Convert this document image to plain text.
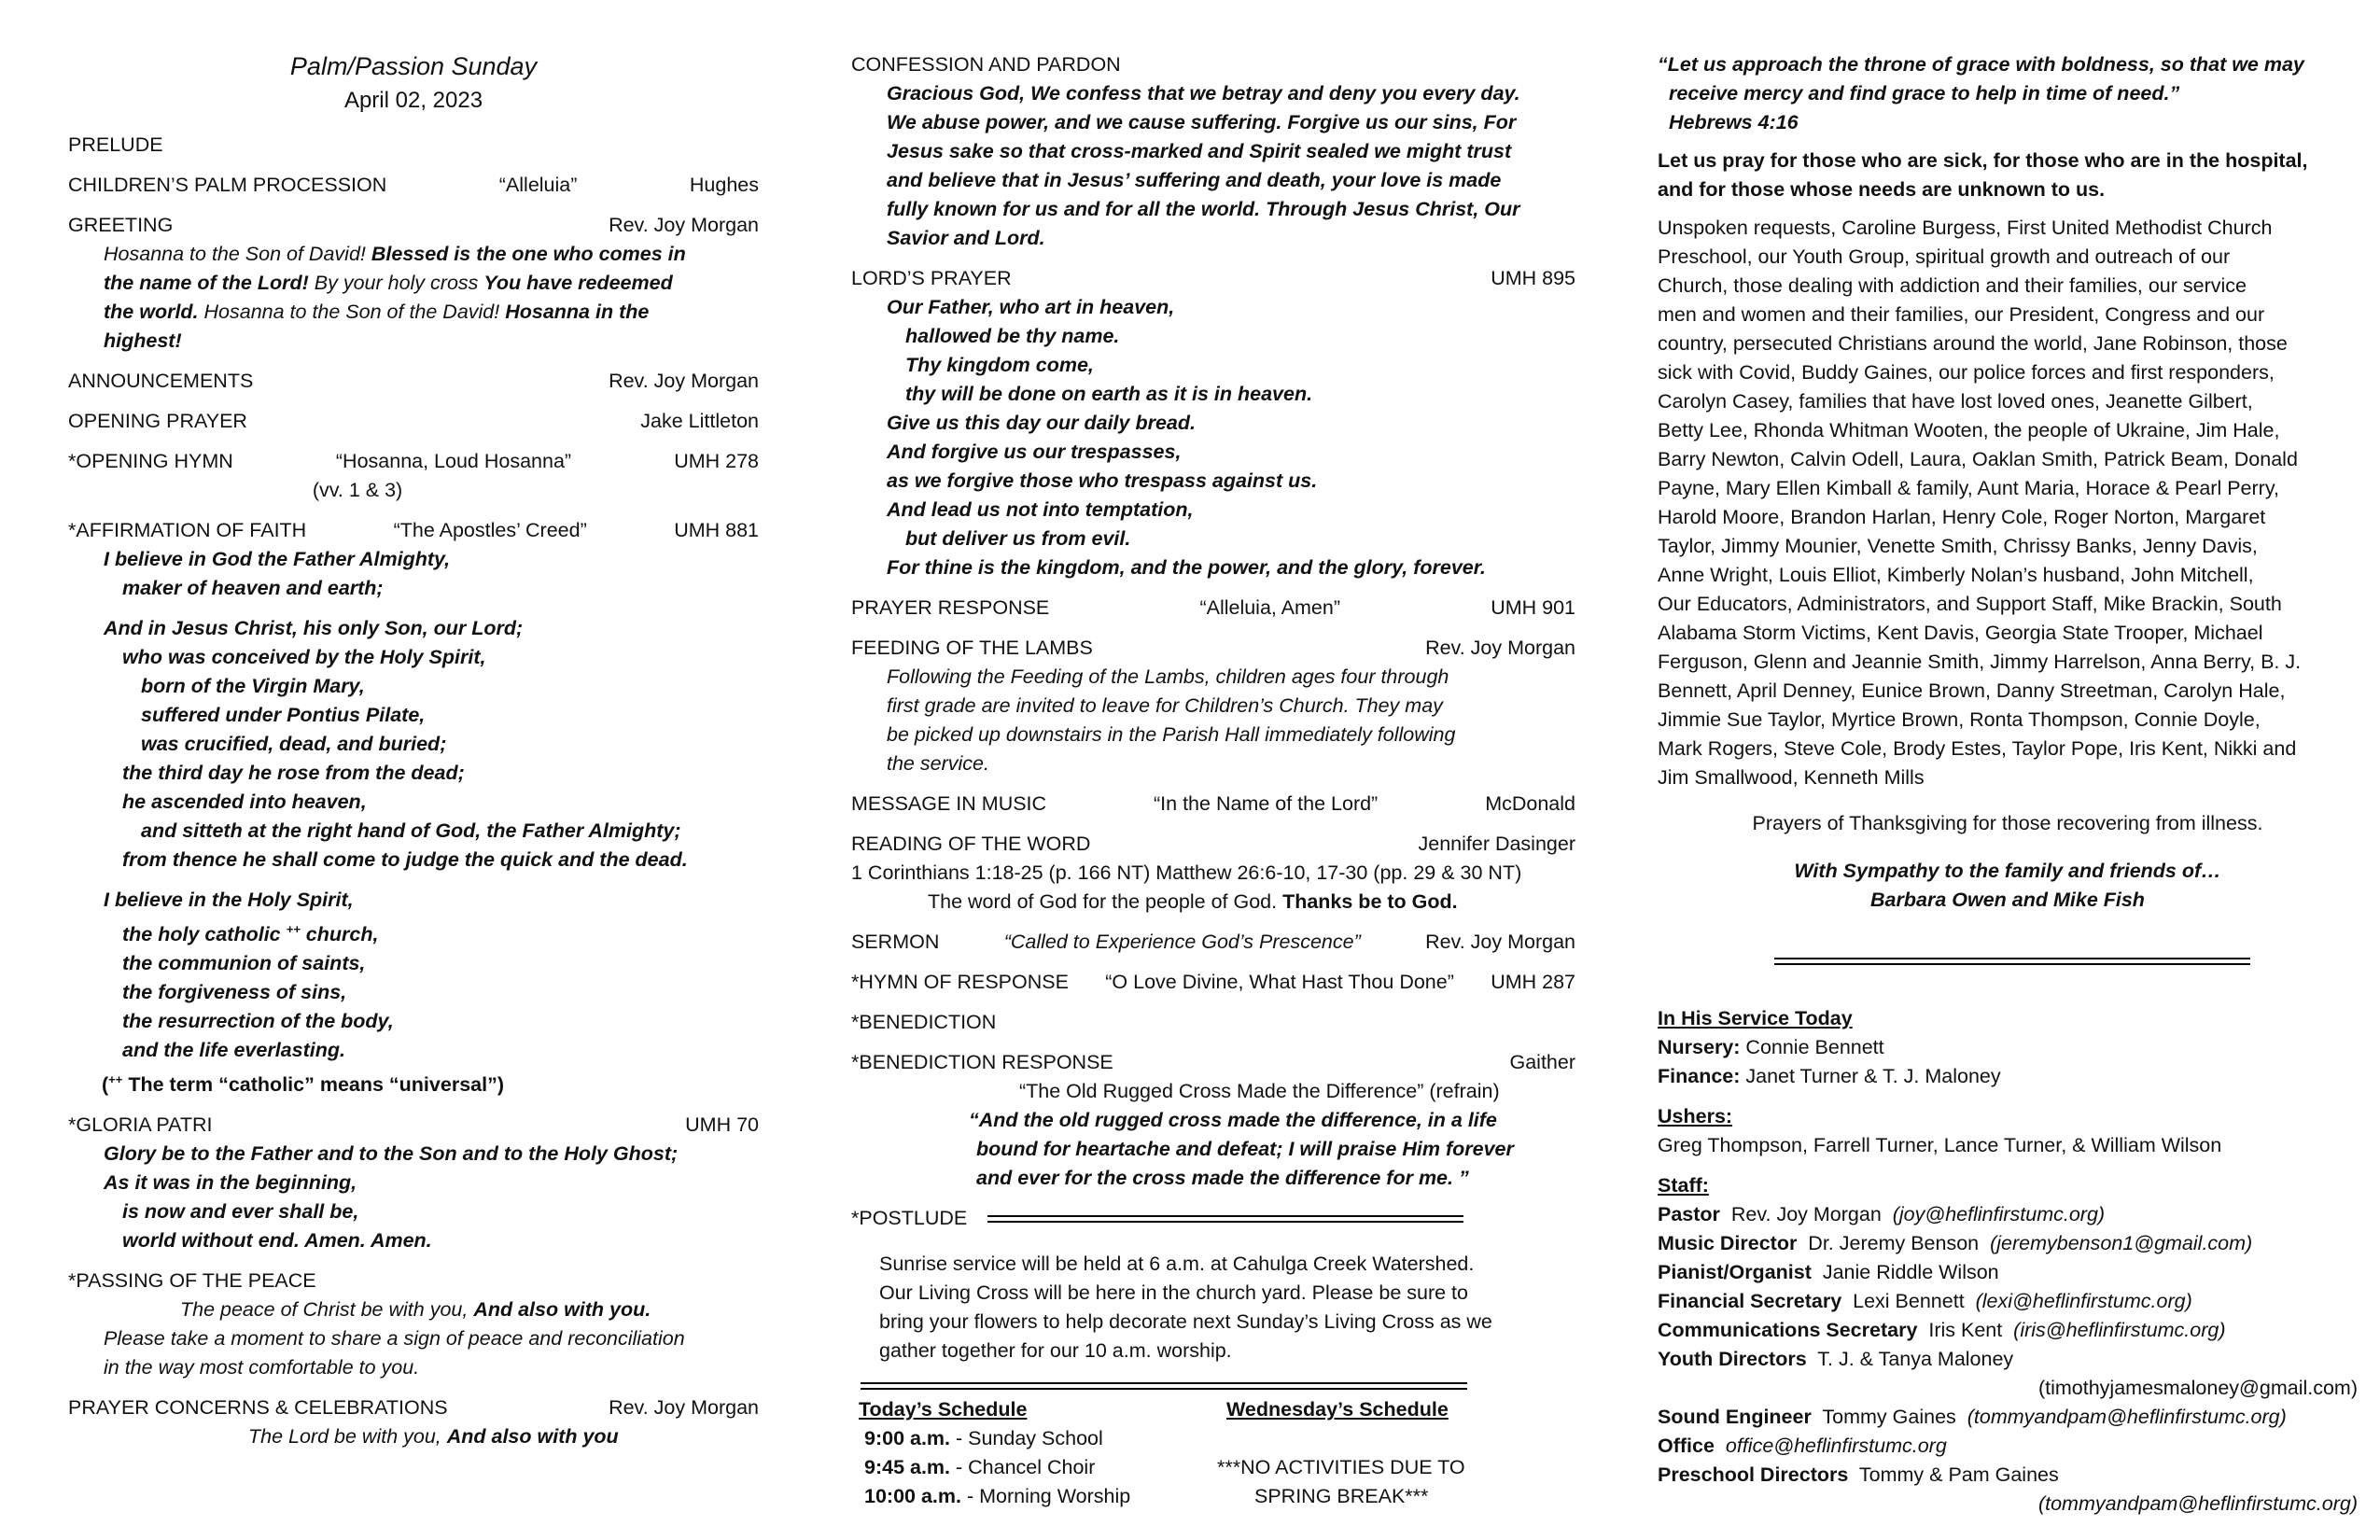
Palm/Passion Sunday
April 02, 2023
PRELUDE
CHILDREN’S PALM PROCESSION	“Alleluia”	Hughes
GREETING	Rev. Joy Morgan
Hosanna to the Son of David! Blessed is the one who comes in
the name of the Lord! By your holy cross You have redeemed
the world. Hosanna to the Son of the David! Hosanna in the
highest!
ANNOUNCEMENTS	Rev. Joy Morgan
OPENING PRAYER	Jake Littleton
*OPENING HYMN	“Hosanna, Loud Hosanna”	UMH 278
(vv. 1 & 3)
*AFFIRMATION OF FAITH	“The Apostles’ Creed”	UMH 881
I believe in God the Father Almighty,
maker of heaven and earth;
And in Jesus Christ, his only Son, our Lord;
who was conceived by the Holy Spirit,
born of the Virgin Mary,
suffered under Pontius Pilate,
was crucified, dead, and buried;
the third day he rose from the dead;
he ascended into heaven,
and sitteth at the right hand of God, the Father Almighty;
from thence he shall come to judge the quick and the dead.
I believe in the Holy Spirit,
the holy catholic ++ church,
the communion of saints,
the forgiveness of sins,
the resurrection of the body,
and the life everlasting.
(++ The term “catholic” means “universal”)
*GLORIA PATRI	UMH 70
Glory be to the Father and to the Son and to the Holy Ghost;
As it was in the beginning,
is now and ever shall be,
world without end. Amen. Amen.
*PASSING OF THE PEACE
The peace of Christ be with you, And also with you.
Please take a moment to share a sign of peace and reconciliation
in the way most comfortable to you.
PRAYER CONCERNS & CELEBRATIONS	Rev. Joy Morgan
The Lord be with you, And also with you
CONFESSION AND PARDON
Gracious God, We confess that we betray and deny you every day.
We abuse power, and we cause suffering. Forgive us our sins, For
Jesus sake so that cross-marked and Spirit sealed we might trust
and believe that in Jesus’ suffering and death, your love is made
fully known for us and for all the world. Through Jesus Christ, Our
Savior and Lord.
LORD’S PRAYER	UMH 895
Our Father, who art in heaven,
hallowed be thy name.
Thy kingdom come,
thy will be done on earth as it is in heaven.
Give us this day our daily bread.
And forgive us our trespasses,
as we forgive those who trespass against us.
And lead us not into temptation,
but deliver us from evil.
For thine is the kingdom, and the power, and the glory, forever.
PRAYER RESPONSE	“Alleluia, Amen”	UMH 901
FEEDING OF THE LAMBS	Rev. Joy Morgan
Following the Feeding of the Lambs, children ages four through
first grade are invited to leave for Children’s Church. They may
be picked up downstairs in the Parish Hall immediately following
the service.
MESSAGE IN MUSIC	“In the Name of the Lord”	McDonald
READING OF THE WORD	Jennifer Dasinger
1 Corinthians 1:18-25 (p. 166 NT) Matthew 26:6-10, 17-30 (pp. 29 & 30 NT)
The word of God for the people of God. Thanks be to God.
SERMON	“Called to Experience God’s Prescence”	Rev. Joy Morgan
*HYMN OF RESPONSE	“O Love Divine, What Hast Thou Done”	UMH 287
*BENEDICTION
*BENEDICTION RESPONSE	Gaither
“The Old Rugged Cross Made the Difference” (refrain)
“And the old rugged cross made the difference, in a life
bound for heartache and defeat; I will praise Him forever
and ever for the cross made the difference for me. ”
*POSTLUDE
Sunrise service will be held at 6 a.m. at Cahulga Creek Watershed.
Our Living Cross will be here in the church yard. Please be sure to
bring your flowers to help decorate next Sunday’s Living Cross as we
gather together for our 10 a.m. worship.
Today’s Schedule
9:00 a.m. - Sunday School
9:45 a.m. - Chancel Choir
10:00 a.m. - Morning Worship
Wednesday’s Schedule
***NO ACTIVITIES DUE TO
SPRING BREAK***
“Let us approach the throne of grace with boldness, so that we may
receive mercy and find grace to help in time of need.”
Hebrews 4:16
Let us pray for those who are sick, for those who are in the hospital,
and for those whose needs are unknown to us.
Unspoken requests, Caroline Burgess, First United Methodist Church
Preschool, our Youth Group, spiritual growth and outreach of our
Church, those dealing with addiction and their families, our service
men and women and their families, our President, Congress and our
country, persecuted Christians around the world, Jane Robinson, those
sick with Covid, Buddy Gaines, our police forces and first responders,
Carolyn Casey, families that have lost loved ones, Jeanette Gilbert,
Betty Lee, Rhonda Whitman Wooten, the people of Ukraine, Jim Hale,
Barry Newton, Calvin Odell, Laura, Oaklan Smith, Patrick Beam, Donald
Payne, Mary Ellen Kimball & family, Aunt Maria, Horace & Pearl Perry,
Harold Moore, Brandon Harlan, Henry Cole, Roger Norton, Margaret
Taylor, Jimmy Mounier, Venette Smith, Chrissy Banks, Jenny Davis,
Anne Wright, Louis Elliot, Kimberly Nolan’s husband, John Mitchell,
Our Educators, Administrators, and Support Staff, Mike Brackin, South
Alabama Storm Victims, Kent Davis, Georgia State Trooper, Michael
Ferguson, Glenn and Jeannie Smith, Jimmy Harrelson, Anna Berry, B. J.
Bennett, April Denney, Eunice Brown, Danny Streetman, Carolyn Hale,
Jimmie Sue Taylor, Myrtice Brown, Ronta Thompson, Connie Doyle,
Mark Rogers, Steve Cole, Brody Estes, Taylor Pope, Iris Kent, Nikki and
Jim Smallwood, Kenneth Mills
Prayers of Thanksgiving for those recovering from illness.
With Sympathy to the family and friends of…
Barbara Owen and Mike Fish
In His Service Today
Nursery: Connie Bennett
Finance: Janet Turner & T. J. Maloney
Ushers:
Greg Thompson, Farrell Turner, Lance Turner, & William Wilson
Staff:
Pastor  Rev. Joy Morgan  (joy@heflinfirstumc.org)
Music Director  Dr. Jeremy Benson  (jeremybenson1@gmail.com)
Pianist/Organist  Janie Riddle Wilson
Financial Secretary  Lexi Bennett  (lexi@heflinfirstumc.org)
Communications Secretary  Iris Kent  (iris@heflinfirstumc.org)
Youth Directors  T. J. & Tanya Maloney
(timothyjamesmaloney@gmail.com)
Sound Engineer  Tommy Gaines  (tommyandpam@heflinfirstumc.org)
Office office@heflinfirstumc.org
Preschool Directors  Tommy & Pam Gaines
(tommyandpam@heflinfirstumc.org)
